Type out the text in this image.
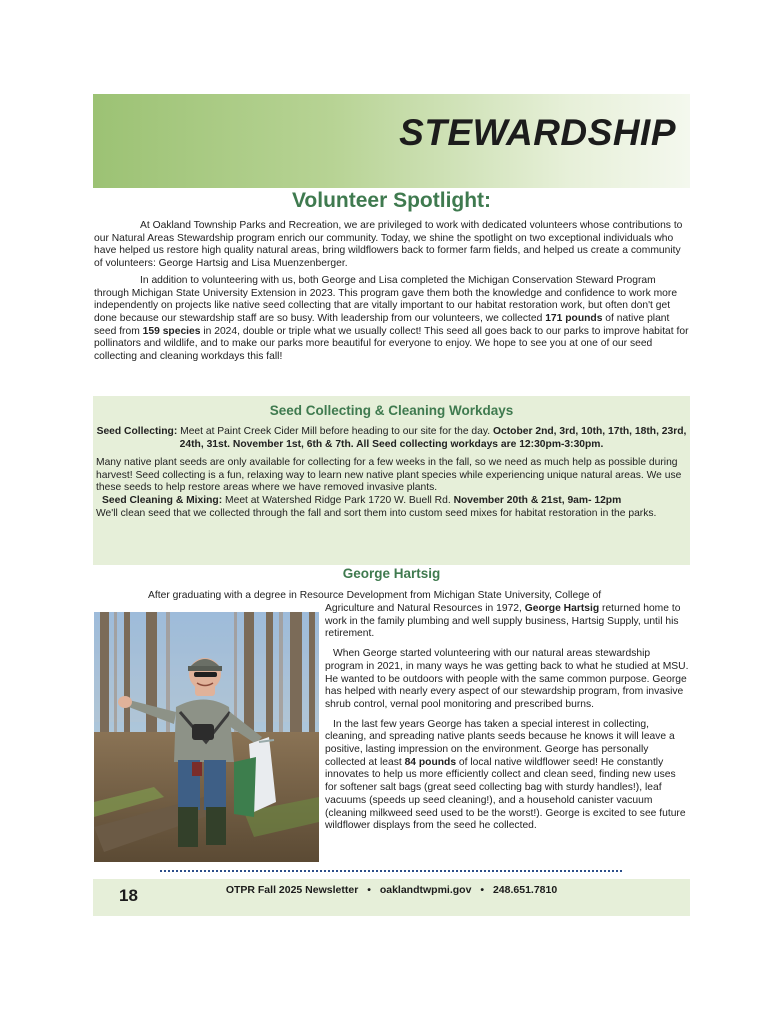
STEWARDSHIP
Volunteer Spotlight:

At Oakland Township Parks and Recreation, we are privileged to work with dedicated volunteers whose contributions to our Natural Areas Stewardship program enrich our community. Today, we shine the spotlight on two exceptional individuals who have helped us restore high quality natural areas, bring wildflowers back to former farm fields, and helped us create a community of volunteers: George Hartsig and Lisa Muenzenberger.

In addition to volunteering with us, both George and Lisa completed the Michigan Conservation Steward Program through Michigan State University Extension in 2023. This program gave them both the knowledge and confidence to work more independently on projects like native seed collecting that are vitally important to our habitat restoration work, but often don't get done because our stewardship staff are so busy. With leadership from our volunteers, we collected 171 pounds of native plant seed from 159 species in 2024, double or triple what we usually collect! This seed all goes back to our parks to improve habitat for pollinators and wildlife, and to make our parks more beautiful for everyone to enjoy. We hope to see you at one of our seed collecting and cleaning workdays this fall!

Seed Collecting & Cleaning Workdays

Seed Collecting: Meet at Paint Creek Cider Mill before heading to our site for the day. October 2nd, 3rd, 10th, 17th, 18th, 23rd, 24th, 31st. November 1st, 6th & 7th. All Seed collecting workdays are 12:30pm-3:30pm.

Many native plant seeds are only available for collecting for a few weeks in the fall, so we need as much help as possible during harvest! Seed collecting is a fun, relaxing way to learn new native plant species while experiencing unique natural areas. We use these seeds to help restore areas where we have removed invasive plants.

Seed Cleaning & Mixing: Meet at Watershed Ridge Park 1720 W. Buell Rd. November 20th & 21st, 9am- 12pm

We'll clean seed that we collected through the fall and sort them into custom seed mixes for habitat restoration in the parks.

George Hartsig
After graduating with a degree in Resource Development from Michigan State University, College of

Agriculture and Natural Resources in 1972, George Hartsig returned home to work in the family plumbing and well supply business, Hartsig Supply, until his retirement.

When George started volunteering with our natural areas stewardship program in 2021, in many ways he was getting back to what he studied at MSU. He wanted to be outdoors with people with the same common purpose. George has helped with nearly every aspect of our stewardship program, from invasive shrub control, vernal pool monitoring and prescribed burns.

In the last few years George has taken a special interest in collecting, cleaning, and spreading native plants seeds because he knows it will leave a positive, lasting impression on the environment. George has personally collected at least 84 pounds of local native wildflower seed! He constantly innovates to help us more efficiently collect and clean seed, finding new uses for softener salt bags (great seed collecting bag with sturdy handles!), leaf vacuums (speeds up seed cleaning!), and a household canister vacuum (cleaning milkweed seed used to be the worst!). George is excited to see future wildflower displays from the seed he collected.

18	OTPR Fall 2025 Newsletter • oaklandtwpmi.gov • 248.651.7810
